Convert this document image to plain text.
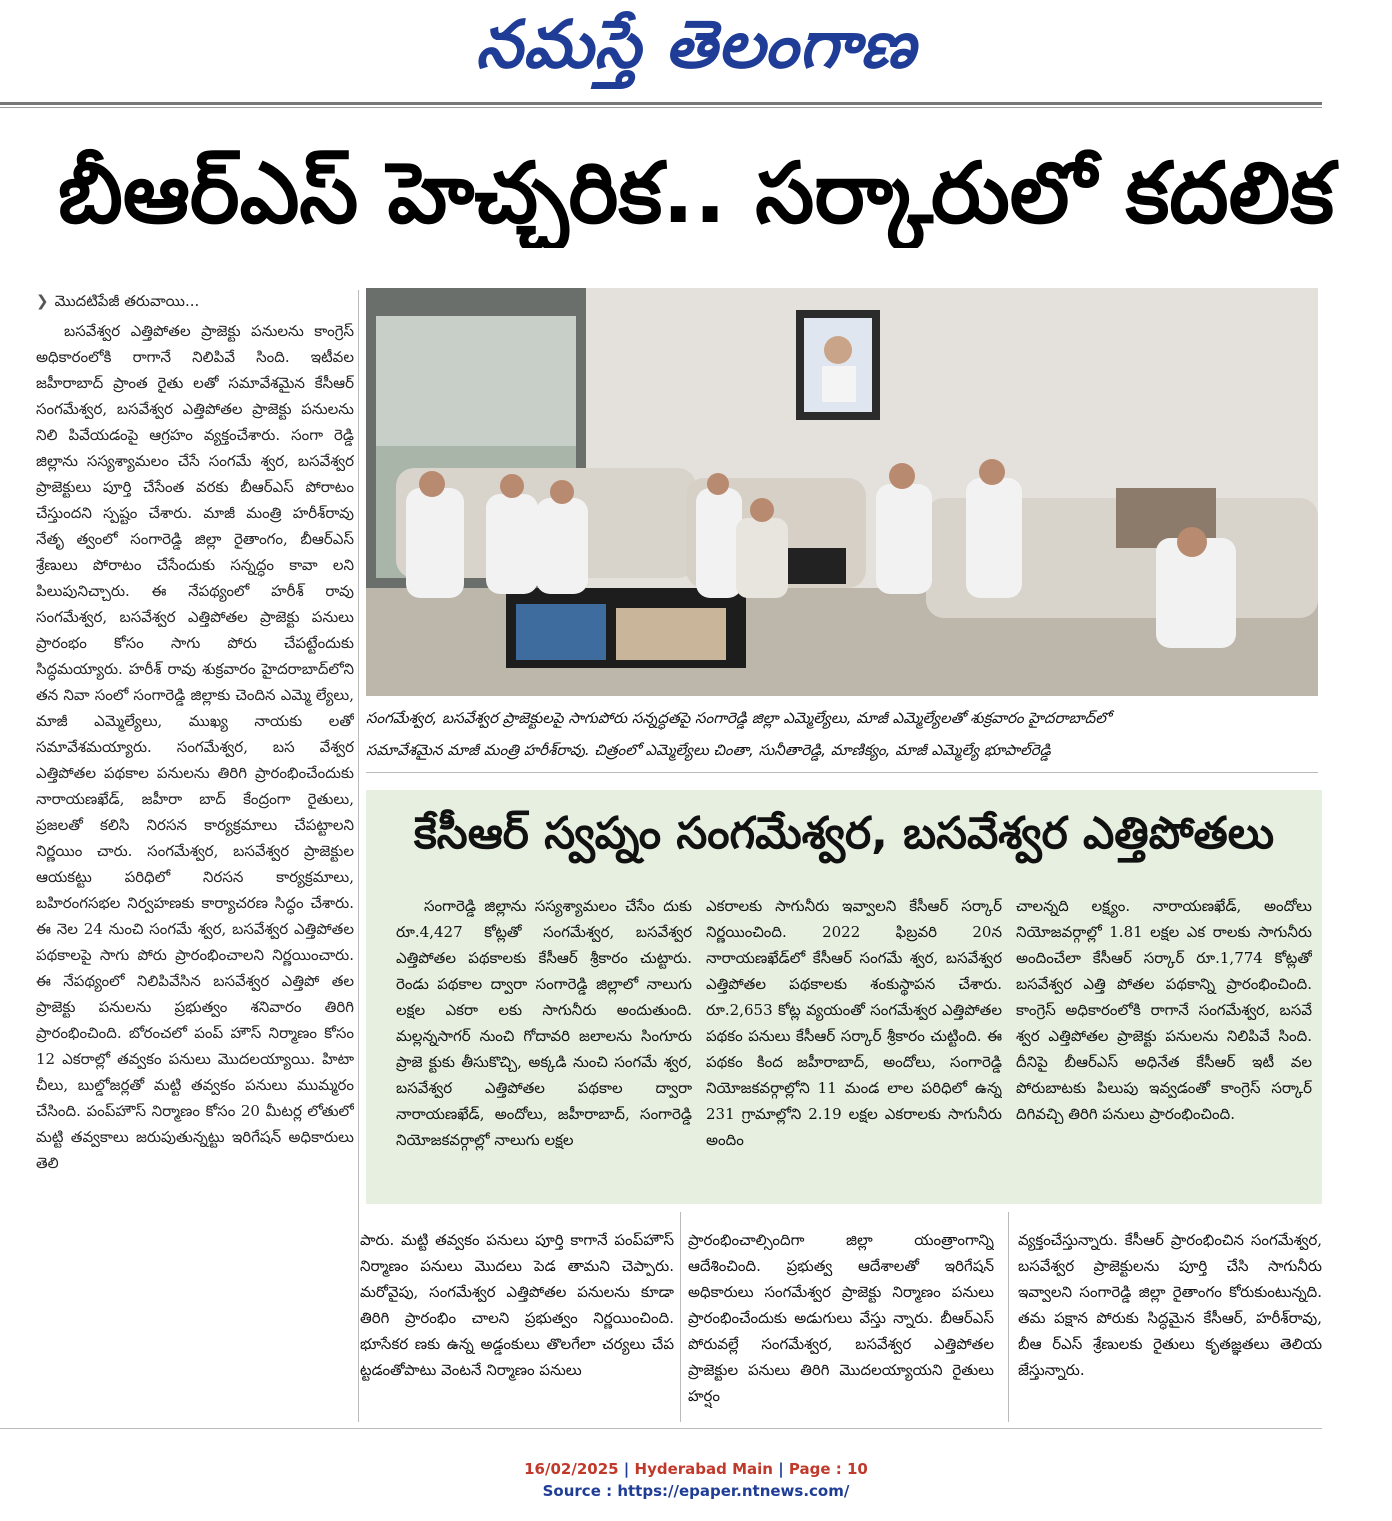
నమస్తే తెలంగాణ
బీఆర్ఎస్ హెచ్చరిక.. సర్కారులో కదలిక
❯ మొదటిపేజీ తరువాయి...

బసవేశ్వర ఎత్తిపోతల ప్రాజెక్టు పనులను కాంగ్రెస్ అధికారంలోకి రాగానే నిలిపివే సింది. ఇటీవల జహీరాబాద్ ప్రాంత రైతు లతో సమావేశమైన కేసీఆర్ సంగమేశ్వర, బసవేశ్వర ఎత్తిపోతల ప్రాజెక్టు పనులను నిలి పివేయడంపై ఆగ్రహం వ్యక్తంచేశారు. సంగా రెడ్డి జిల్లాను సస్యశ్యామలం చేసే సంగమే శ్వర, బసవేశ్వర ప్రాజెక్టులు పూర్తి చేసేంత వరకు బీఆర్ఎస్ పోరాటం చేస్తుందని స్పష్టం చేశారు. మాజీ మంత్రి హరీశ్‌రావు నేతృ త్వంలో సంగారెడ్డి జిల్లా రైతాంగం, బీఆర్ఎస్ శ్రేణులు పోరాటం చేసేందుకు సన్నద్ధం కావా లని పిలుపునిచ్చారు. ఈ నేపథ్యంలో హరీశ్ రావు సంగమేశ్వర, బసవేశ్వర ఎత్తిపోతల ప్రాజెక్టు పనులు ప్రారంభం కోసం సాగు పోరు చేపట్టేందుకు సిద్ధమయ్యారు. హరీశ్ రావు శుక్రవారం హైదరాబాద్‌లోని తన నివా సంలో సంగారెడ్డి జిల్లాకు చెందిన ఎమ్మె ల్యేలు, మాజీ ఎమ్మెల్యేలు, ముఖ్య నాయకు లతో సమావేశమయ్యారు. సంగమేశ్వర, బస వేశ్వర ఎత్తిపోతల పథకాల పనులను తిరిగి ప్రారంభించేందుకు నారాయణఖేడ్, జహీరా బాద్ కేంద్రంగా రైతులు, ప్రజలతో కలిసి నిరసన కార్యక్రమాలు చేపట్టాలని నిర్ణయిం చారు. సంగమేశ్వర, బసవేశ్వర ప్రాజెక్టుల ఆయకట్టు పరిధిలో నిరసన కార్యక్రమాలు, బహిరంగసభల నిర్వహణకు కార్యాచరణ సిద్ధం చేశారు. ఈ నెల 24 నుంచి సంగమే శ్వర, బసవేశ్వర ఎత్తిపోతల పథకాలపై సాగు పోరు ప్రారంభించాలని నిర్ణయించారు. ఈ నేపథ్యంలో నిలిపివేసిన బసవేశ్వర ఎత్తిపో తల ప్రాజెక్టు పనులను ప్రభుత్వం శనివారం తిరిగి ప్రారంభించింది. బోరంచలో పంప్ హౌస్ నిర్మాణం కోసం 12 ఎకరాల్లో తవ్వకం పనులు మొదలయ్యాయి. హిటా చీలు, బుల్డోజర్లతో మట్టి తవ్వకం పనులు ముమ్మరం చేసింది. పంప్‌హౌస్ నిర్మాణం కోసం 20 మీటర్ల లోతులో మట్టి తవ్వకాలు జరుపుతున్నట్టు ఇరిగేషన్ అధికారులు తెలి

సంగమేశ్వర, బసవేశ్వర ప్రాజెక్టులపై సాగుపోరు సన్నద్ధతపై సంగారెడ్డి జిల్లా ఎమ్మెల్యేలు, మాజీ ఎమ్మెల్యేలతో శుక్రవారం హైదరాబాద్‌లో
సమావేశమైన మాజీ మంత్రి హరీశ్‌రావు. చిత్రంలో ఎమ్మెల్యేలు చింతా, సునీతారెడ్డి, మాణిక్యం, మాజీ ఎమ్మెల్యే భూపాల్‌రెడ్డి
కేసీఆర్ స్వప్నం సంగమేశ్వర, బసవేశ్వర ఎత్తిపోతలు

సంగారెడ్డి జిల్లాను సస్యశ్యామలం చేసేం దుకు రూ.4,427 కోట్లతో సంగమేశ్వర, బసవేశ్వర ఎత్తిపోతల పథకాలకు కేసీఆర్ శ్రీకారం చుట్టారు. రెండు పథకాల ద్వారా సంగారెడ్డి జిల్లాలో నాలుగు లక్షల ఎకరా లకు సాగునీరు అందుతుంది. మల్లన్నసాగర్ నుంచి గోదావరి జలాలను సింగూరు ప్రాజె క్టుకు తీసుకొచ్చి, అక్కడి నుంచి సంగమే శ్వర, బసవేశ్వర ఎత్తిపోతల పథకాల ద్వారా నారాయణఖేడ్, అందోలు, జహీరాబాద్, సంగారెడ్డి నియోజకవర్గాల్లో నాలుగు లక్షల

ఎకరాలకు సాగునీరు ఇవ్వాలని కేసీఆర్ సర్కార్ నిర్ణయించింది. 2022 ఫిబ్రవరి 20న నారాయణఖేడ్‌లో కేసీఆర్ సంగమే శ్వర, బసవేశ్వర ఎత్తిపోతల పథకాలకు శంకుస్థాపన చేశారు. రూ.2,653 కోట్ల వ్యయంతో సంగమేశ్వర ఎత్తిపోతల పథకం పనులు కేసీఆర్ సర్కార్ శ్రీకారం చుట్టింది. ఈ పథకం కింద జహీరాబాద్, అందోలు, సంగారెడ్డి నియోజకవర్గాల్లోని 11 మండ లాల పరిధిలో ఉన్న 231 గ్రామాల్లోని 2.19 లక్షల ఎకరాలకు సాగునీరు అందిం

చాలన్నది లక్ష్యం. నారాయణఖేడ్, అందోలు నియోజవర్గాల్లో 1.81 లక్షల ఎక రాలకు సాగునీరు అందించేలా కేసీఆర్ సర్కార్ రూ.1,774 కోట్లతో బసవేశ్వర ఎత్తి పోతల పథకాన్ని ప్రారంభించింది. కాంగ్రెస్ అధికారంలోకి రాగానే సంగమేశ్వర, బసవే శ్వర ఎత్తిపోతల ప్రాజెక్టు పనులను నిలిపివే సింది. దీనిపై బీఆర్ఎస్ అధినేత కేసీఆర్ ఇటీ వల పోరుబాటకు పిలుపు ఇవ్వడంతో కాంగ్రెస్ సర్కార్ దిగివచ్చి తిరిగి పనులు ప్రారంభించింది.

పారు. మట్టి తవ్వకం పనులు పూర్తి కాగానే పంప్‌హౌస్ నిర్మాణం పనులు మొదలు పెడ తామని చెప్పారు. మరోవైపు, సంగమేశ్వర ఎత్తిపోతల పనులను కూడా తిరిగి ప్రారంభిం చాలని ప్రభుత్వం నిర్ణయించింది. భూసేకర ణకు ఉన్న అడ్డంకులు తొలగేలా చర్యలు చేప ట్టడంతోపాటు వెంటనే నిర్మాణం పనులు

ప్రారంభించాల్సిందిగా జిల్లా యంత్రాంగాన్ని ఆదేశించింది. ప్రభుత్వ ఆదేశాలతో ఇరిగేషన్ అధికారులు సంగమేశ్వర ప్రాజెక్టు నిర్మాణం పనులు ప్రారంభించేందుకు అడుగులు వేస్తు న్నారు. బీఆర్ఎస్ పోరువల్లే సంగమేశ్వర, బసవేశ్వర ఎత్తిపోతల ప్రాజెక్టుల పనులు తిరిగి మొదలయ్యాయని రైతులు హర్షం

వ్యక్తంచేస్తున్నారు. కేసీఆర్ ప్రారంభించిన సంగమేశ్వర, బసవేశ్వర ప్రాజెక్టులను పూర్తి చేసి సాగునీరు ఇవ్వాలని సంగారెడ్డి జిల్లా రైతాంగం కోరుకుంటున్నది. తమ పక్షాన పోరుకు సిద్ధమైన కేసీఆర్, హరీశ్‌రావు, బీఆ ర్ఎస్ శ్రేణులకు రైతులు కృతజ్ఞతలు తెలియ జేస్తున్నారు.

16/02/2025 | Hyderabad Main | Page : 10
Source : https://epaper.ntnews.com/
